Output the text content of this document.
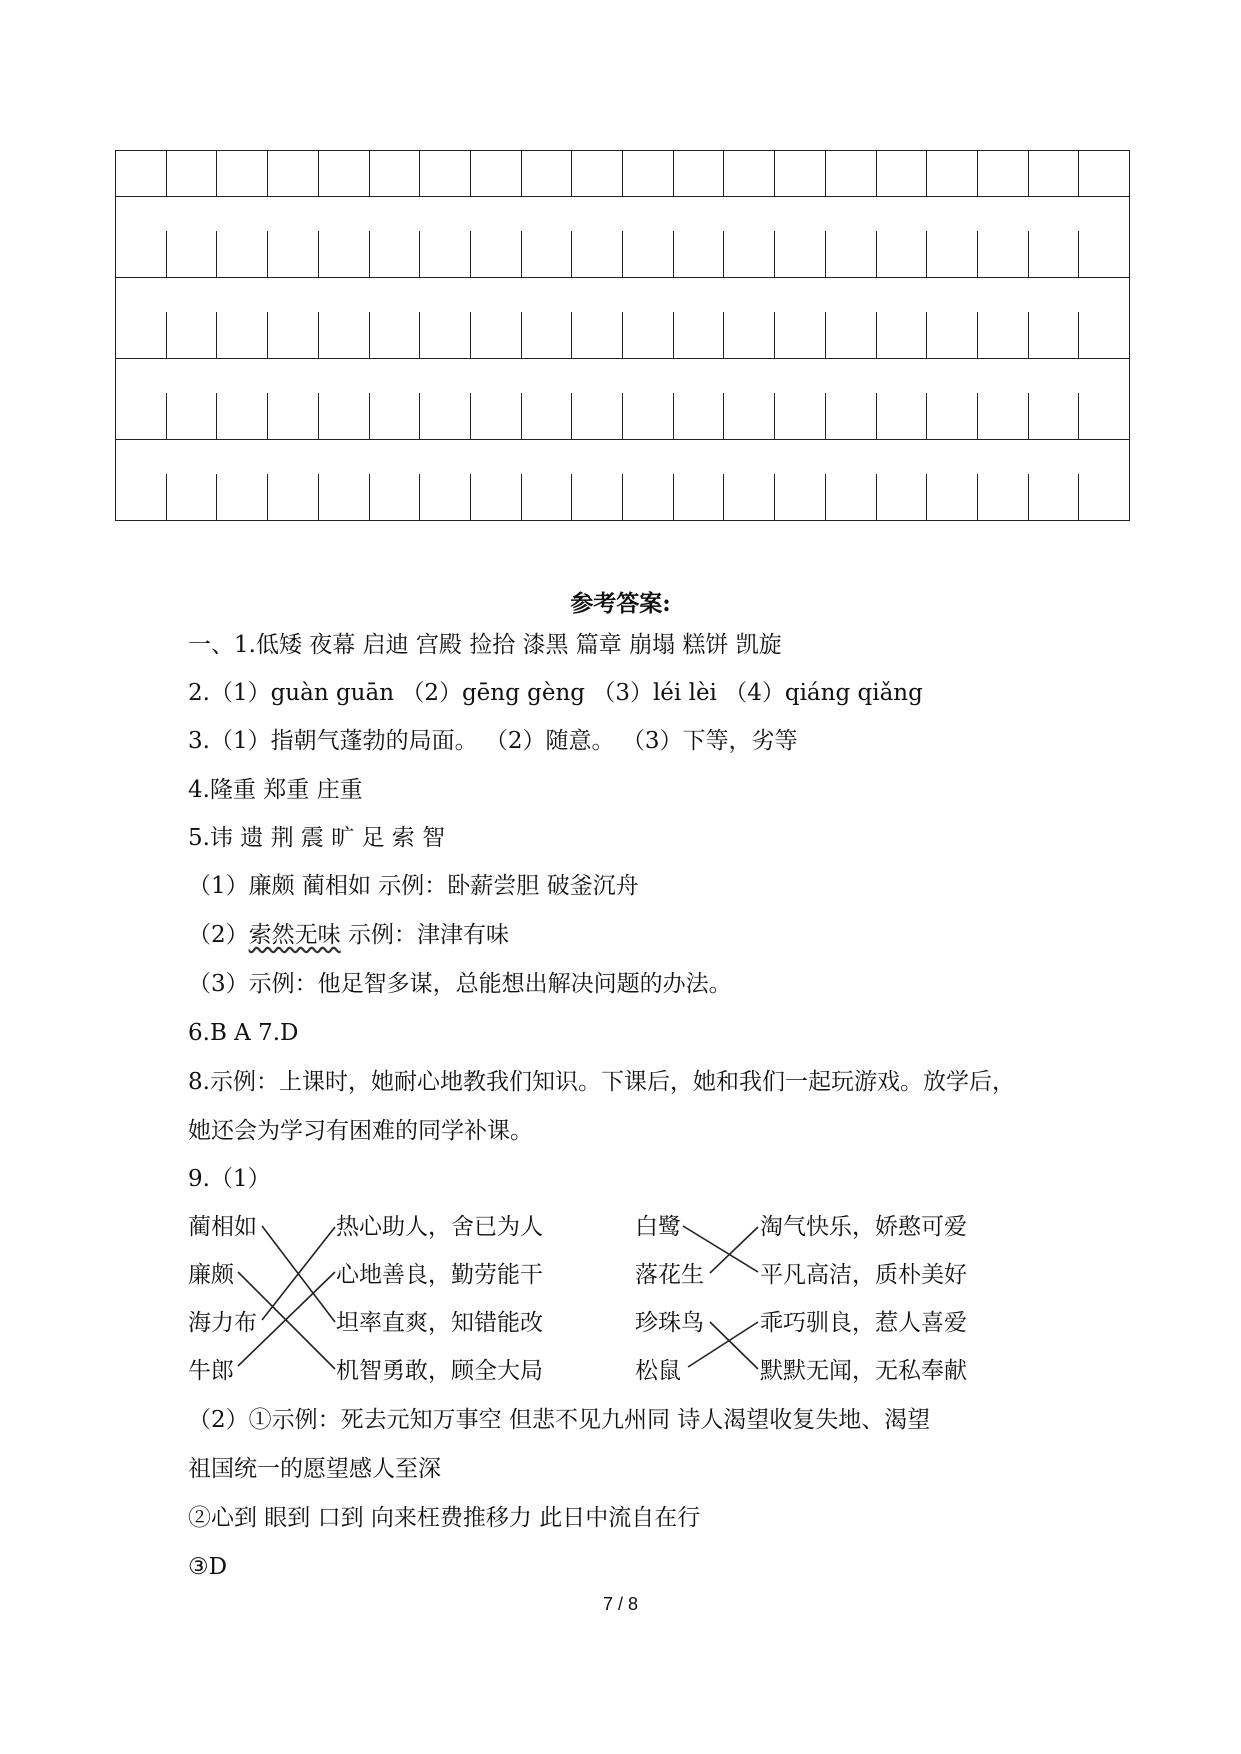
参考答案:
一、1.低矮 夜幕 启迪 宫殿 捡拾 漆黑 篇章 崩塌 糕饼 凯旋
2.（1）guàn guān （2）gēng gèng （3）léi lèi （4）qiáng qiǎng
3.（1）指朝气蓬勃的局面。 （2）随意。 （3）下等，劣等
4.隆重 郑重 庄重
5.讳 遗 荆 震 旷 足 索 智
（1）廉颇 蔺相如 示例：卧薪尝胆 破釜沉舟
（2）索然无味 示例：津津有味
（3）示例：他足智多谋，总能想出解决问题的办法。
6.B A 7.D
8.示例：上课时，她耐心地教我们知识。下课后，她和我们一起玩游戏。放学后，
她还会为学习有困难的同学补课。
9.（1）
蔺相如
廉颇
海力布
牛郎
热心助人，舍已为人
心地善良，勤劳能干
坦率直爽，知错能改
机智勇敢，顾全大局
白鹭
落花生
珍珠鸟
松鼠
淘气快乐，娇憨可爱
平凡高洁，质朴美好
乖巧驯良，惹人喜爱
默默无闻，无私奉献
（2）①示例：死去元知万事空 但悲不见九州同 诗人渴望收复失地、渴望
祖国统一的愿望感人至深
②心到 眼到 口到 向来枉费推移力 此日中流自在行
③D
7 / 8
